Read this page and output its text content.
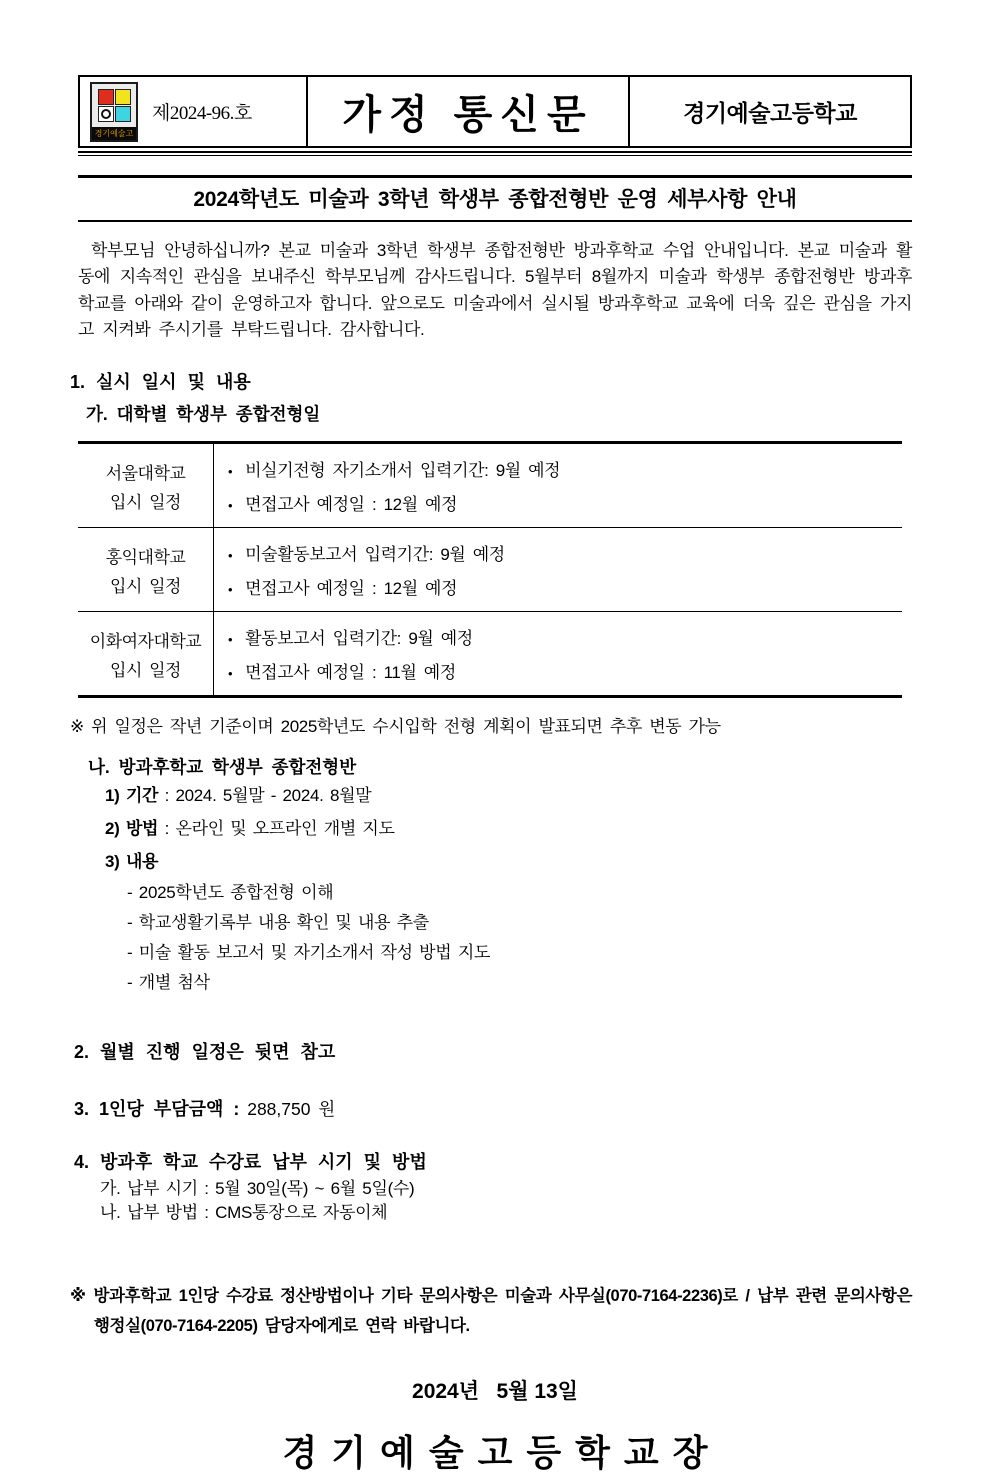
경기예술고
제2024-96.호 가정 통신문	경기예술고등학교
2024학년도 미술과 3학년 학생부 종합전형반 운영 세부사항 안내

학부모님 안녕하십니까? 본교 미술과 3학년 학생부 종합전형반 방과후학교 수업 안내입니다. 본교 미술과 활동에 지속적인 관심을 보내주신 학부모님께 감사드립니다. 5월부터 8월까지 미술과 학생부 종합전형반 방과후학교를 아래와 같이 운영하고자 합니다. 앞으로도 미술과에서 실시될 방과후학교 교육에 더욱 깊은 관심을 가지고 지켜봐 주시기를 부탁드립니다. 감사합니다.

1. 실시 일시 및 내용
가. 대학별 학생부 종합전형일
서울대학교
입시 일정
• 비실기전형 자기소개서 입력기간: 9월 예정
• 면접고사 예정일 : 12월 예정
홍익대학교
입시 일정
• 미술활동보고서 입력기간: 9월 예정
• 면접고사 예정일 : 12월 예정
이화여자대학교
입시 일정
• 활동보고서 입력기간: 9월 예정
• 면접고사 예정일 : 11월 예정
※ 위 일정은 작년 기준이며 2025학년도 수시입학 전형 계획이 발표되면 추후 변동 가능
나. 방과후학교 학생부 종합전형반
1) 기간 : 2024. 5월말 - 2024. 8월말
2) 방법 : 온라인 및 오프라인 개별 지도
3) 내용
- 2025학년도 종합전형 이해
- 학교생활기록부 내용 확인 및 내용 추출
- 미술 활동 보고서 및 자기소개서 작성 방법 지도
- 개별 첨삭
2. 월별 진행 일정은 뒷면 참고
3. 1인당 부담금액 : 288,750 원
4. 방과후 학교 수강료 납부 시기 및 방법
가. 납부 시기 : 5월 30일(목) ~ 6월 5일(수)
나. 납부 방법 : CMS통장으로 자동이체
※ 방과후학교 1인당 수강료 정산방법이나 기타 문의사항은 미술과 사무실(070-7164-2236)로 / 납부 관련 문의사항은 행정실(070-7164-2205) 담당자에게로 연락 바랍니다.
2024년   5월 13일
경기예술고등학교장
